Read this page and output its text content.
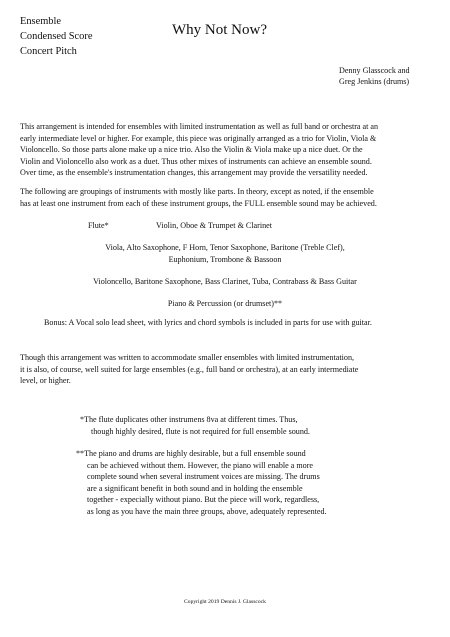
Ensemble
Condensed Score
Concert Pitch
Why Not Now?
Denny Glasscock and
Greg Jenkins (drums)
This arrangement is intended for ensembles with limited instrumentation as well as full band or orchestra at an
early intermediate level or higher. For example, this piece was originally arranged as a trio for Violin, Viola &
Violoncello. So those parts alone make up a nice trio. Also the Violin & Viola make up a nice duet. Or the
Violin and Violoncello also work as a duet. Thus other mixes of instruments can achieve an ensemble sound.
Over time, as the ensemble's instrumentation changes, this arrangement may provide the versatility needed.
The following are groupings of instruments with mostly like parts. In theory, except as noted, if the ensemble
has at least one instrument from each of these instrument groups, the FULL ensemble sound may be achieved.
Flute*	Violin, Oboe & Trumpet & Clarinet
Viola, Alto Saxophone, F Horn, Tenor Saxophone, Baritone (Treble Clef),
Euphonium, Trombone & Bassoon
Violoncello, Baritone Saxophone, Bass Clarinet, Tuba, Contrabass & Bass Guitar
Piano & Percussion (or drumset)**
Bonus: A Vocal solo lead sheet, with lyrics and chord symbols is included in parts for use with guitar.
Though this arrangement was written to accommodate smaller ensembles with limited instrumentation,
it is also, of course, well suited for large ensembles (e.g., full band or orchestra), at an early intermediate
level, or higher.
*The flute duplicates other instrumens 8va at different times. Thus,
though highly desired, flute is not required for full ensemble sound.
**The piano and drums are highly desirable, but a full ensemble sound
can be achieved without them. However, the piano will enable a more
complete sound when several instrument voices are missing. The drums
are a significant benefit in both sound and in holding the ensemble
together - expecially without piano. But the piece will work, regardless,
as long as you have the main three groups, above, adequately represented.
Copyright 2019 Dennis J. Glasscock
